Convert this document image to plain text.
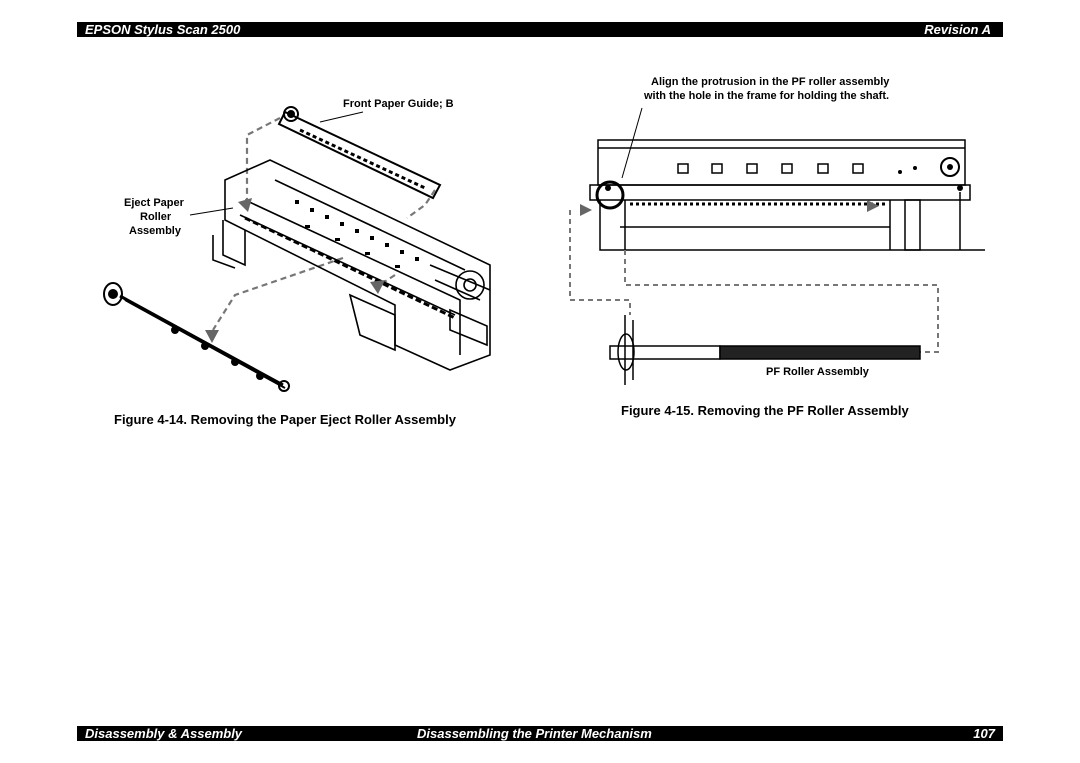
EPSON Stylus Scan 2500	Revision A
Front Paper Guide; B
Eject Paper
Roller
Assembly
Figure 4-14. Removing the Paper Eject Roller Assembly
Align the protrusion in the PF roller assembly
with the hole in the frame for holding the shaft.
PF Roller Assembly
Figure 4-15. Removing the PF Roller Assembly
Disassembly & Assembly	Disassembling the Printer Mechanism	107
